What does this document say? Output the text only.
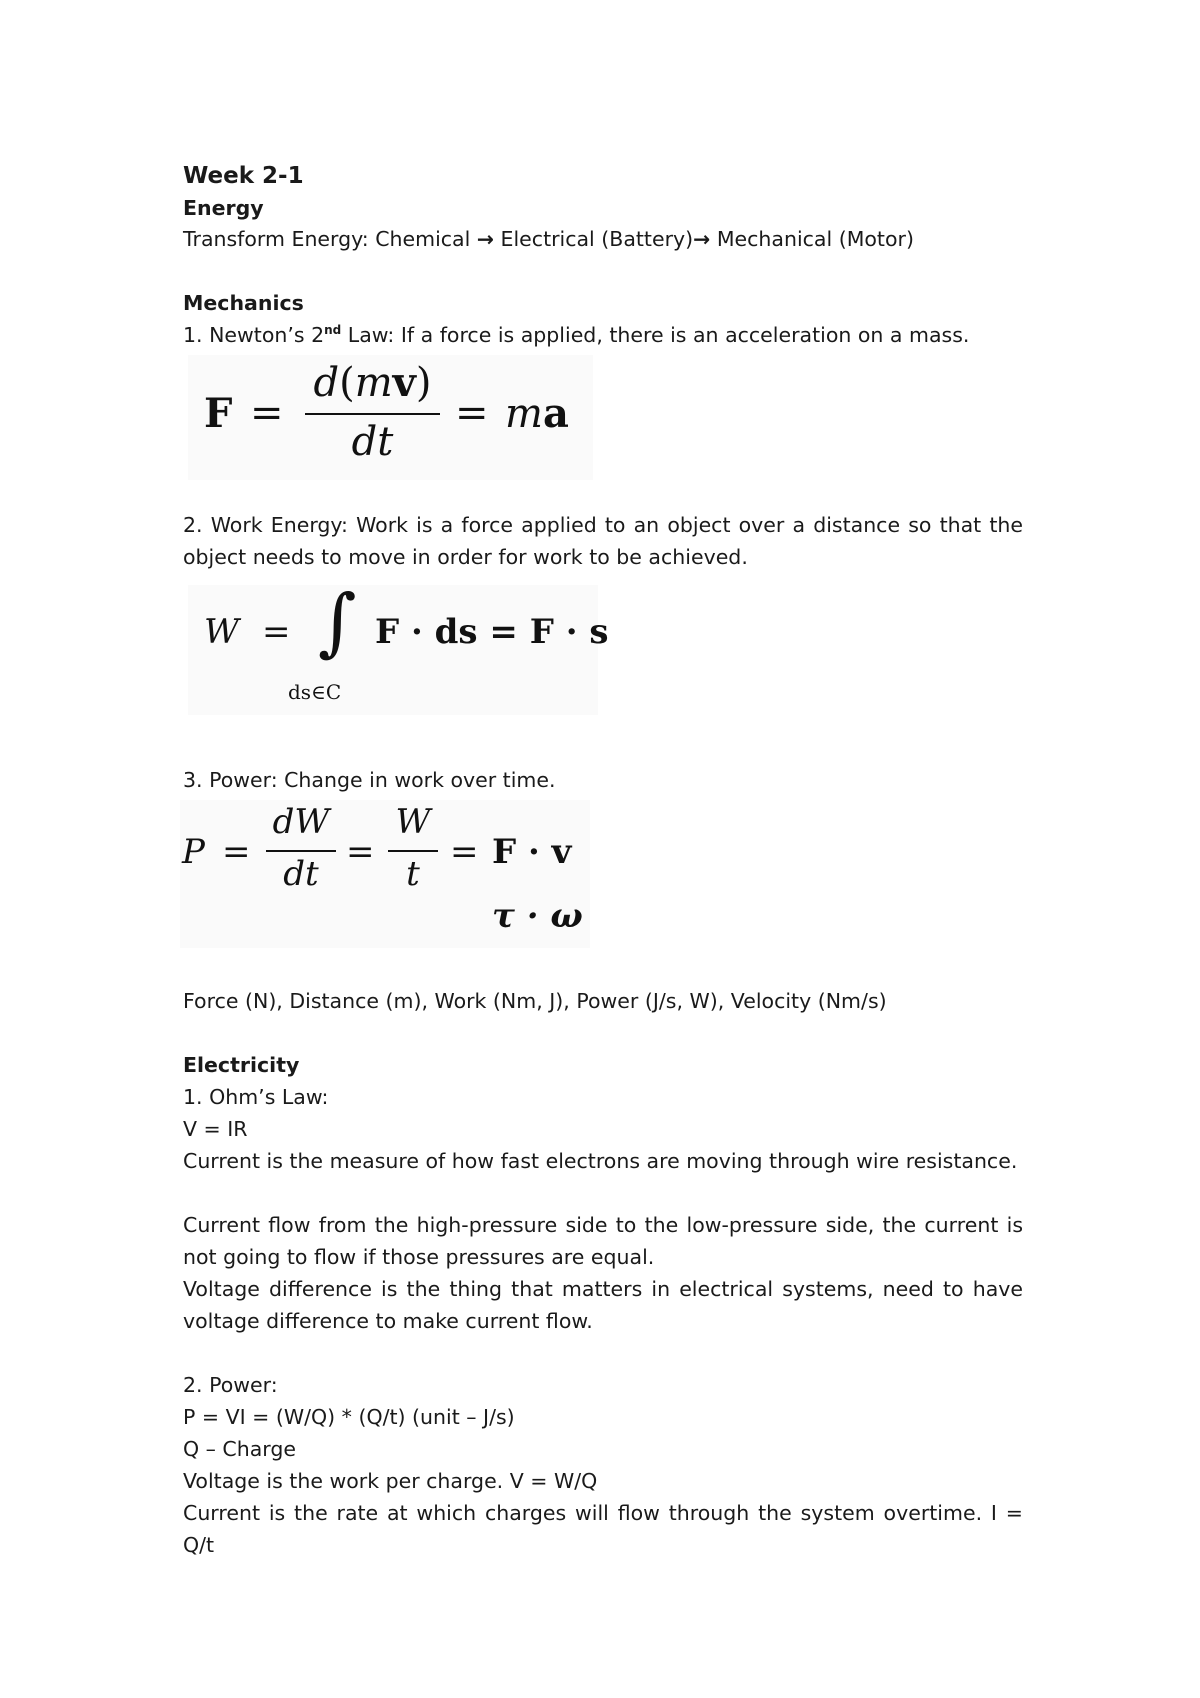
Week 2-1
Energy
Transform Energy: Chemical → Electrical (Battery)→ Mechanical (Motor)
Mechanics
1. Newton’s 2nd Law: If a force is applied, there is an acceleration on a mass.
F =
d(mv)
dt
= ma
2. Work Energy: Work is a force applied to an object over a distance so that the object needs to move in order for work to be achieved.
W = ∫
ds∈C
F · ds = F · s
3. Power: Change in work over time.
P =
dW
dt
=
W
t
= F · v
τ · ω
Force (N), Distance (m), Work (Nm, J), Power (J/s, W), Velocity (Nm/s)
Electricity
1. Ohm’s Law:
V = IR
Current is the measure of how fast electrons are moving through wire resistance.
Current flow from the high-pressure side to the low-pressure side, the current is not going to flow if those pressures are equal.
Voltage difference is the thing that matters in electrical systems, need to have voltage difference to make current flow.
2. Power:
P = VI = (W/Q) * (Q/t) (unit – J/s)
Q – Charge
Voltage is the work per charge. V = W/Q
Current is the rate at which charges will flow through the system overtime. I = Q/t
